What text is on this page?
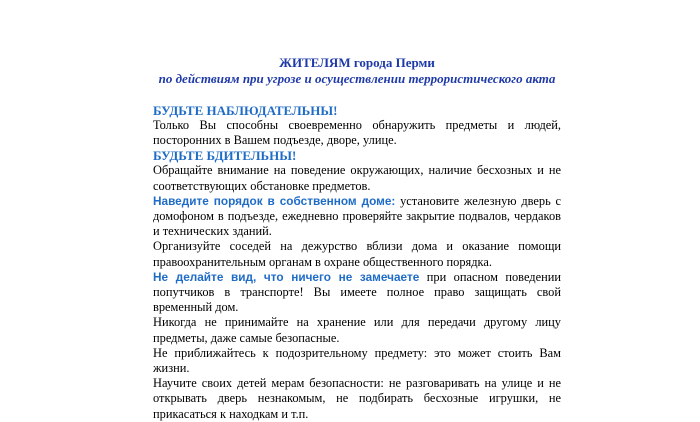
ЖИТЕЛЯМ города Перми
по действиям при угрозе и осуществлении террористического акта
БУДЬТЕ НАБЛЮДАТЕЛЬНЫ!
Только Вы способны своевременно обнаружить предметы и людей, посторонних в Вашем подъезде, дворе, улице.
БУДЬТЕ БДИТЕЛЬНЫ!
Обращайте внимание на поведение окружающих, наличие бесхозных и не соответствующих обстановке предметов.
Наведите порядок в собственном доме: установите железную дверь с домофоном в подъезде, ежедневно проверяйте закрытие подвалов, чердаков и технических зданий.
Организуйте соседей на дежурство вблизи дома и оказание помощи правоохранительным органам в охране общественного порядка.
Не делайте вид, что ничего не замечаете при опасном поведении попутчиков в транспорте! Вы имеете полное право защищать свой временный дом.
Никогда не принимайте на хранение или для передачи другому лицу предметы, даже самые безопасные.
Не приближайтесь к подозрительному предмету: это может стоить Вам жизни.
Научите своих детей мерам безопасности: не разговаривать на улице и не открывать дверь незнакомым, не подбирать бесхозные игрушки, не прикасаться к находкам и т.п.
